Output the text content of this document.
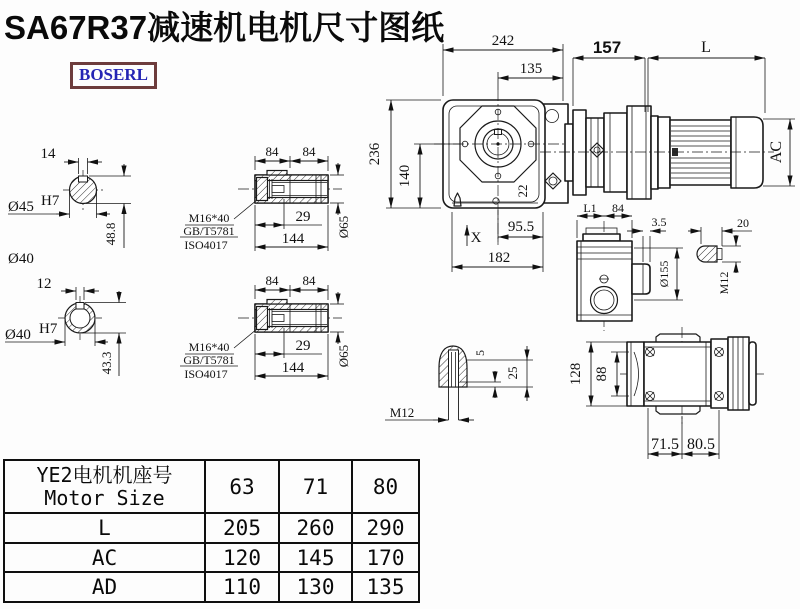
SA67R37减速机电机尺寸图纸
BOSERL
14
Ø45 H7
48.8
Ø40
12
Ø40 H7
43.3
84 84
29
144
Ø65
M16*40
GB/T5781
ISO4017
22
242
135
236
140
X
95.5
182
157	L
AC
L1 84
3.5
Ø155
20
M12
5
25
M12
128 88
71.5 80.5
YE2电机机座号
Motor Size	63	71	80
L	205	260	290
AC	120	145	170
AD	110	130	135
